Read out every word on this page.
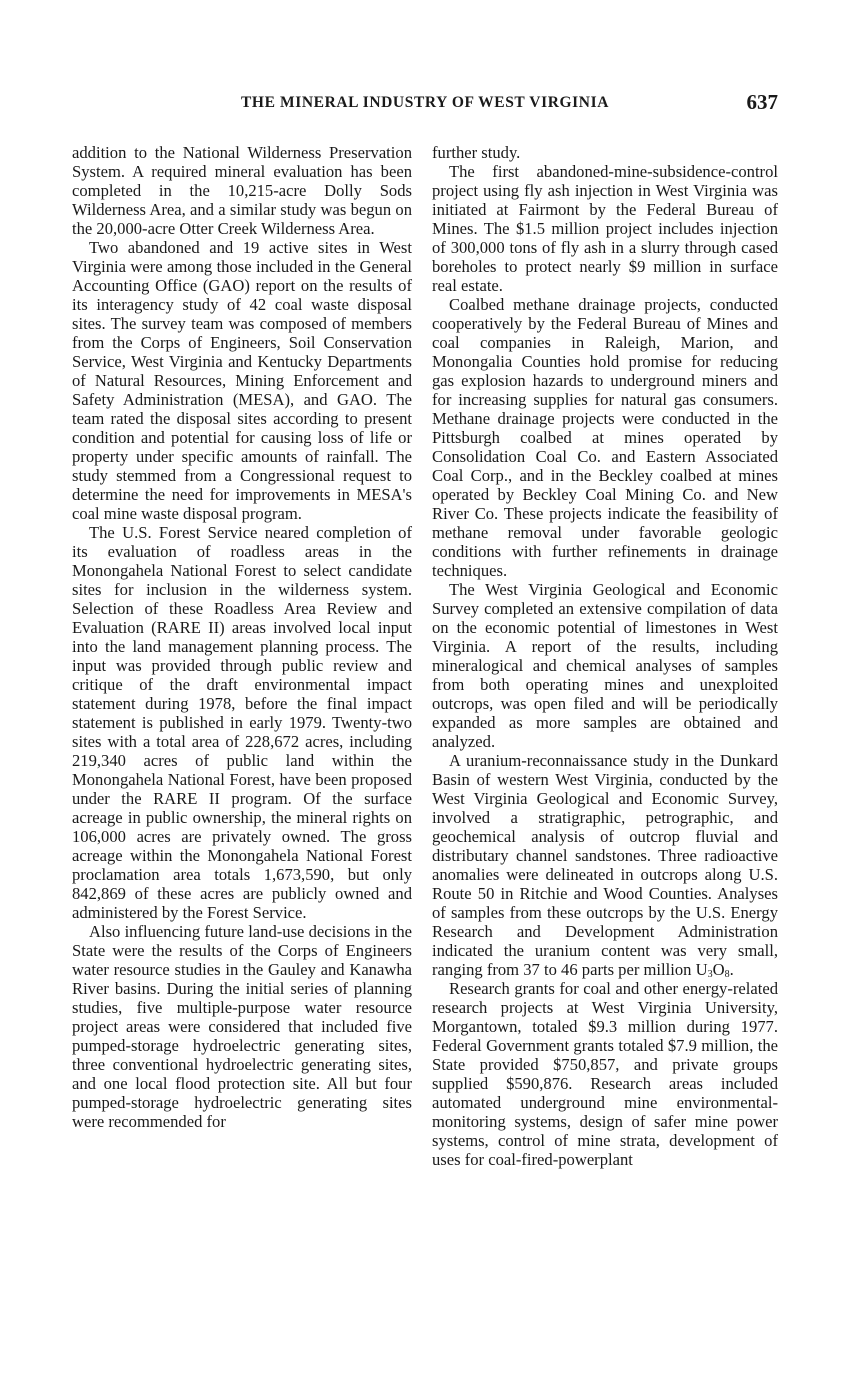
THE MINERAL INDUSTRY OF WEST VIRGINIA	637

addition to the National Wilderness Preservation System. A required mineral evaluation has been completed in the 10,215-acre Dolly Sods Wilderness Area, and a similar study was begun on the 20,000-acre Otter Creek Wilderness Area.

Two abandoned and 19 active sites in West Virginia were among those included in the General Accounting Office (GAO) report on the results of its interagency study of 42 coal waste disposal sites. The survey team was composed of members from the Corps of Engineers, Soil Conservation Service, West Virginia and Kentucky Departments of Natural Resources, Mining Enforcement and Safety Administration (MESA), and GAO. The team rated the disposal sites according to present condition and potential for causing loss of life or property under specific amounts of rainfall. The study stemmed from a Congressional request to determine the need for improvements in MESA's coal mine waste disposal program.

The U.S. Forest Service neared completion of its evaluation of roadless areas in the Monongahela National Forest to select candidate sites for inclusion in the wilderness system. Selection of these Roadless Area Review and Evaluation (RARE II) areas involved local input into the land management planning process. The input was provided through public review and critique of the draft environmental impact statement during 1978, before the final impact statement is published in early 1979. Twenty-two sites with a total area of 228,672 acres, including 219,340 acres of public land within the Monongahela National Forest, have been proposed under the RARE II program. Of the surface acreage in public ownership, the mineral rights on 106,000 acres are privately owned. The gross acreage within the Monongahela National Forest proclamation area totals 1,673,590, but only 842,869 of these acres are publicly owned and administered by the Forest Service.

Also influencing future land-use decisions in the State were the results of the Corps of Engineers water resource studies in the Gauley and Kanawha River basins. During the initial series of planning studies, five multiple-purpose water resource project areas were considered that included five pumped-storage hydroelectric generating sites, three conventional hydroelectric generating sites, and one local flood protection site. All but four pumped-storage hydroelectric generating sites were recommended for

further study.

The first abandoned-mine-subsidence-control project using fly ash injection in West Virginia was initiated at Fairmont by the Federal Bureau of Mines. The $1.5 million project includes injection of 300,000 tons of fly ash in a slurry through cased boreholes to protect nearly $9 million in surface real estate.

Coalbed methane drainage projects, conducted cooperatively by the Federal Bureau of Mines and coal companies in Raleigh, Marion, and Monongalia Counties hold promise for reducing gas explosion hazards to underground miners and for increasing supplies for natural gas consumers. Methane drainage projects were conducted in the Pittsburgh coalbed at mines operated by Consolidation Coal Co. and Eastern Associated Coal Corp., and in the Beckley coalbed at mines operated by Beckley Coal Mining Co. and New River Co. These projects indicate the feasibility of methane removal under favorable geologic conditions with further refinements in drainage techniques.

The West Virginia Geological and Economic Survey completed an extensive compilation of data on the economic potential of limestones in West Virginia. A report of the results, including mineralogical and chemical analyses of samples from both operating mines and unexploited outcrops, was open filed and will be periodically expanded as more samples are obtained and analyzed.

A uranium-reconnaissance study in the Dunkard Basin of western West Virginia, conducted by the West Virginia Geological and Economic Survey, involved a stratigraphic, petrographic, and geochemical analysis of outcrop fluvial and distributary channel sandstones. Three radioactive anomalies were delineated in outcrops along U.S. Route 50 in Ritchie and Wood Counties. Analyses of samples from these outcrops by the U.S. Energy Research and Development Administration indicated the uranium content was very small, ranging from 37 to 46 parts per million $U_3O_8$.

Research grants for coal and other energy-related research projects at West Virginia University, Morgantown, totaled $9.3 million during 1977. Federal Government grants totaled $7.9 million, the State provided $750,857, and private groups supplied $590,876. Research areas included automated underground mine environmental-monitoring systems, design of safer mine power systems, control of mine strata, development of uses for coal-fired-powerplant
